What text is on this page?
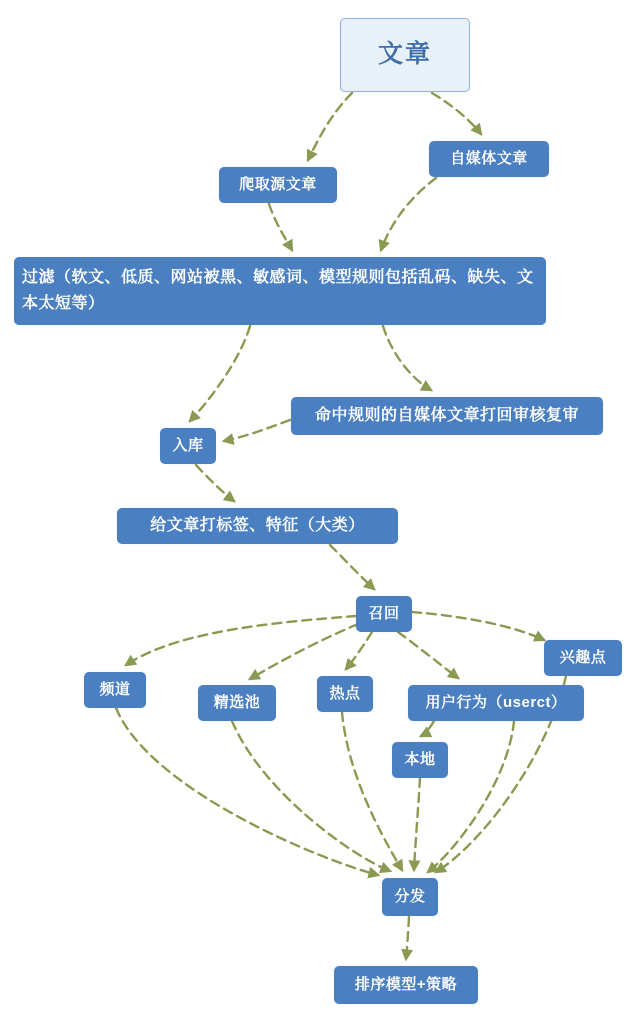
文章
爬取源文章
自媒体文章
过滤（软文、低质、网站被黑、敏感词、模型规则包括乱码、缺失、文本太短等）
命中规则的自媒体文章打回审核复审
入库
给文章打标签、特征（大类）
召回
兴趣点
频道
精选池
热点
用户行为（userct）
本地
分发
排序模型+策略
